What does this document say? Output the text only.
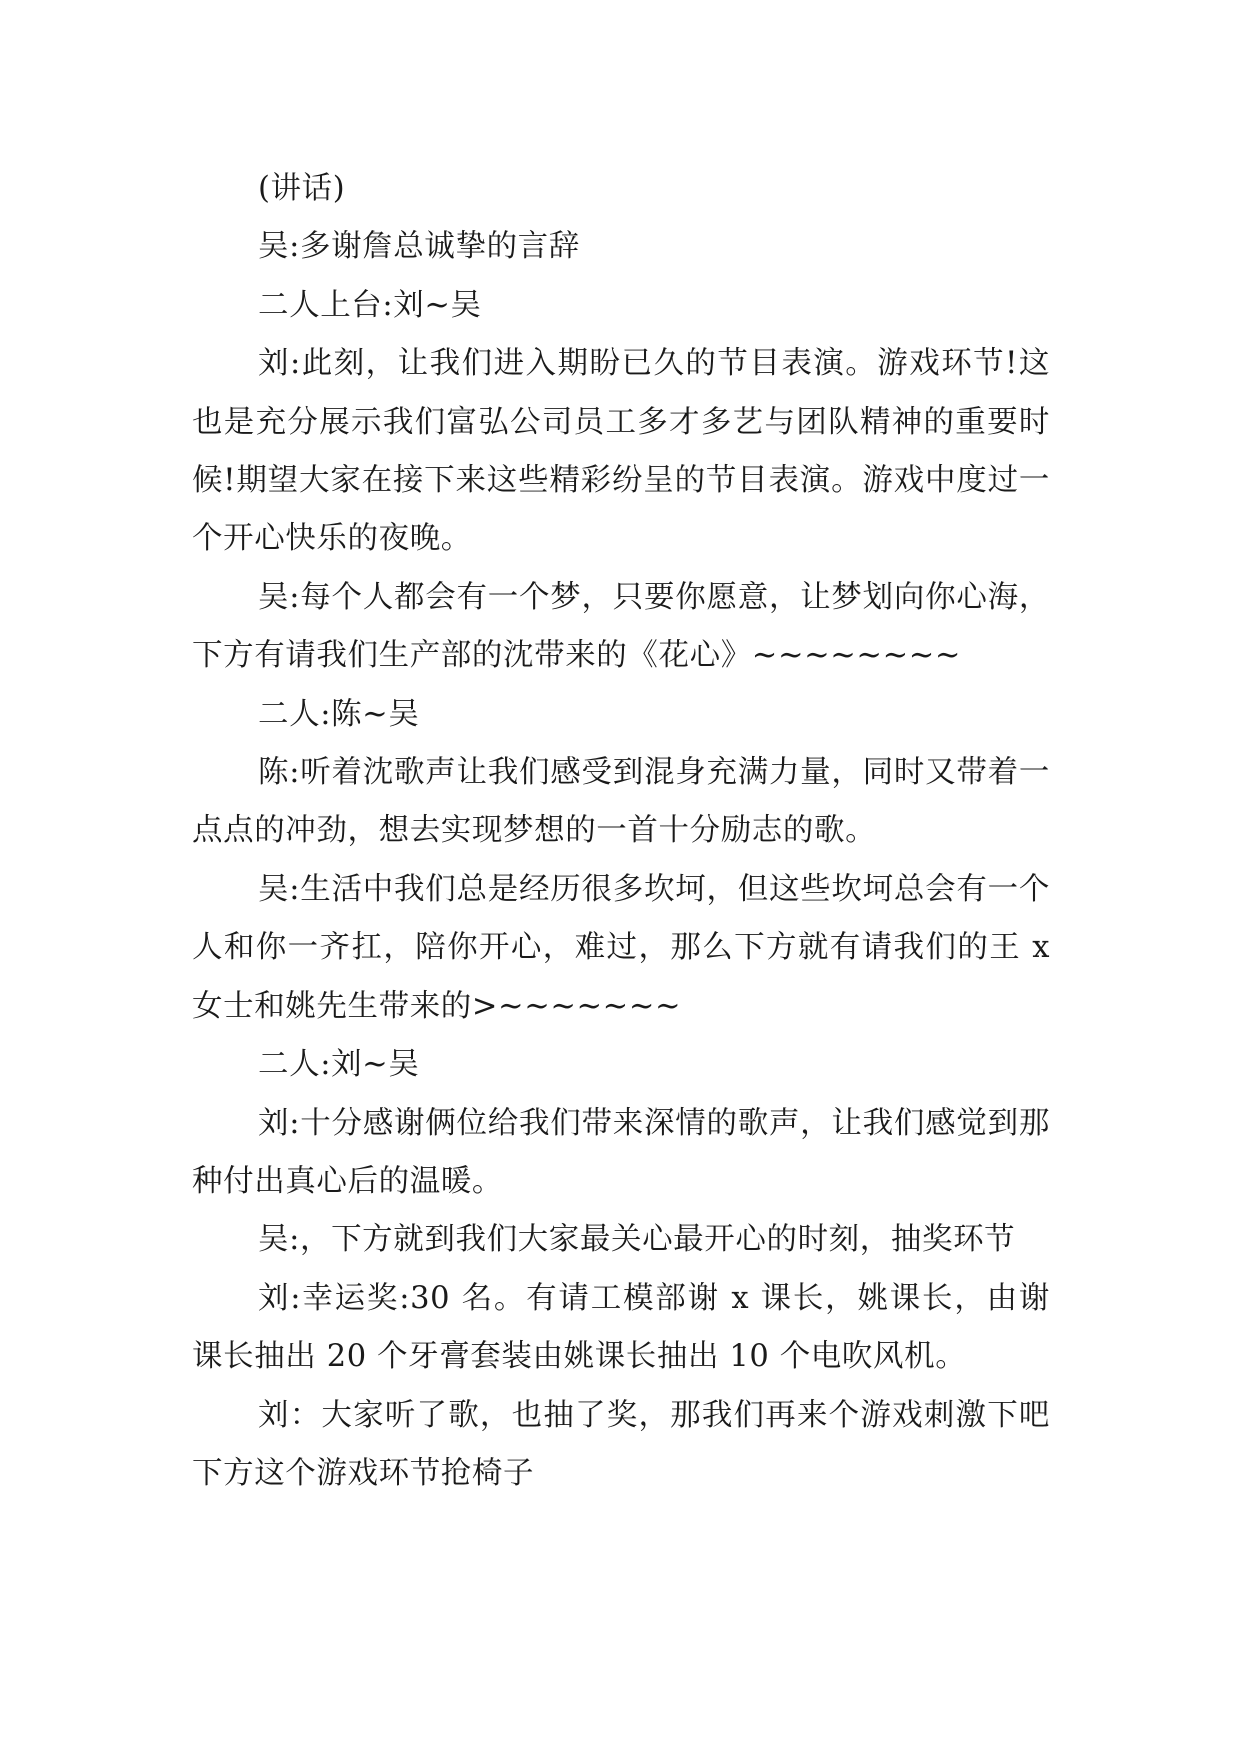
(讲话)

吴:多谢詹总诚挚的言辞

二人上台:刘~吴

刘:此刻，让我们进入期盼已久的节目表演。游戏环节!这也是充分展示我们富弘公司员工多才多艺与团队精神的重要时候!期望大家在接下来这些精彩纷呈的节目表演。游戏中度过一个开心快乐的夜晚。

吴:每个人都会有一个梦，只要你愿意，让梦划向你心海，下方有请我们生产部的沈带来的《花心》~~~~~~~~

二人:陈~吴

陈:听着沈歌声让我们感受到混身充满力量，同时又带着一点点的冲劲，想去实现梦想的一首十分励志的歌。

吴:生活中我们总是经历很多坎坷，但这些坎坷总会有一个人和你一齐扛，陪你开心，难过，那么下方就有请我们的王 x 女士和姚先生带来的>~~~~~~~

二人:刘~吴

刘:十分感谢俩位给我们带来深情的歌声，让我们感觉到那种付出真心后的温暖。

吴:，下方就到我们大家最关心最开心的时刻，抽奖环节

刘:幸运奖:30 名。有请工模部谢 x 课长，姚课长，由谢课长抽出 20 个牙膏套装由姚课长抽出 10 个电吹风机。

刘：大家听了歌，也抽了奖，那我们再来个游戏刺激下吧下方这个游戏环节抢椅子
